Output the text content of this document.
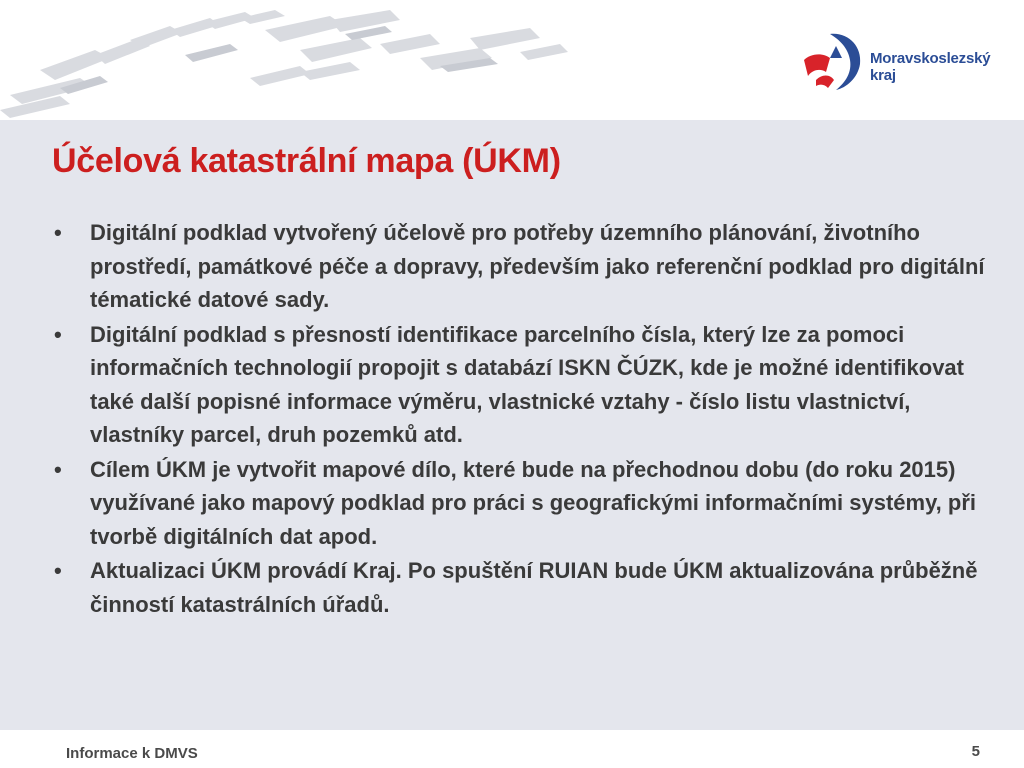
Moravskoslezský
kraj
Účelová katastrální mapa (ÚKM)
• Digitální podklad vytvořený účelově pro potřeby územního plánování, životního prostředí, památkové péče a dopravy, především jako referenční podklad pro digitální tématické datové sady.
• Digitální podklad s přesností identifikace parcelního čísla, který lze za pomoci informačních technologií propojit s databází ISKN ČÚZK, kde je možné identifikovat také další popisné informace výměru, vlastnické vztahy - číslo listu vlastnictví, vlastníky parcel, druh pozemků atd.
• Cílem ÚKM je vytvořit mapové dílo, které bude na přechodnou dobu (do roku 2015) využívané jako mapový podklad pro práci s geografickými informačními systémy, při tvorbě digitálních dat apod.
• Aktualizaci ÚKM provádí Kraj. Po spuštění RUIAN bude ÚKM aktualizována průběžně činností katastrálních úřadů.
Informace k DMVS	5
